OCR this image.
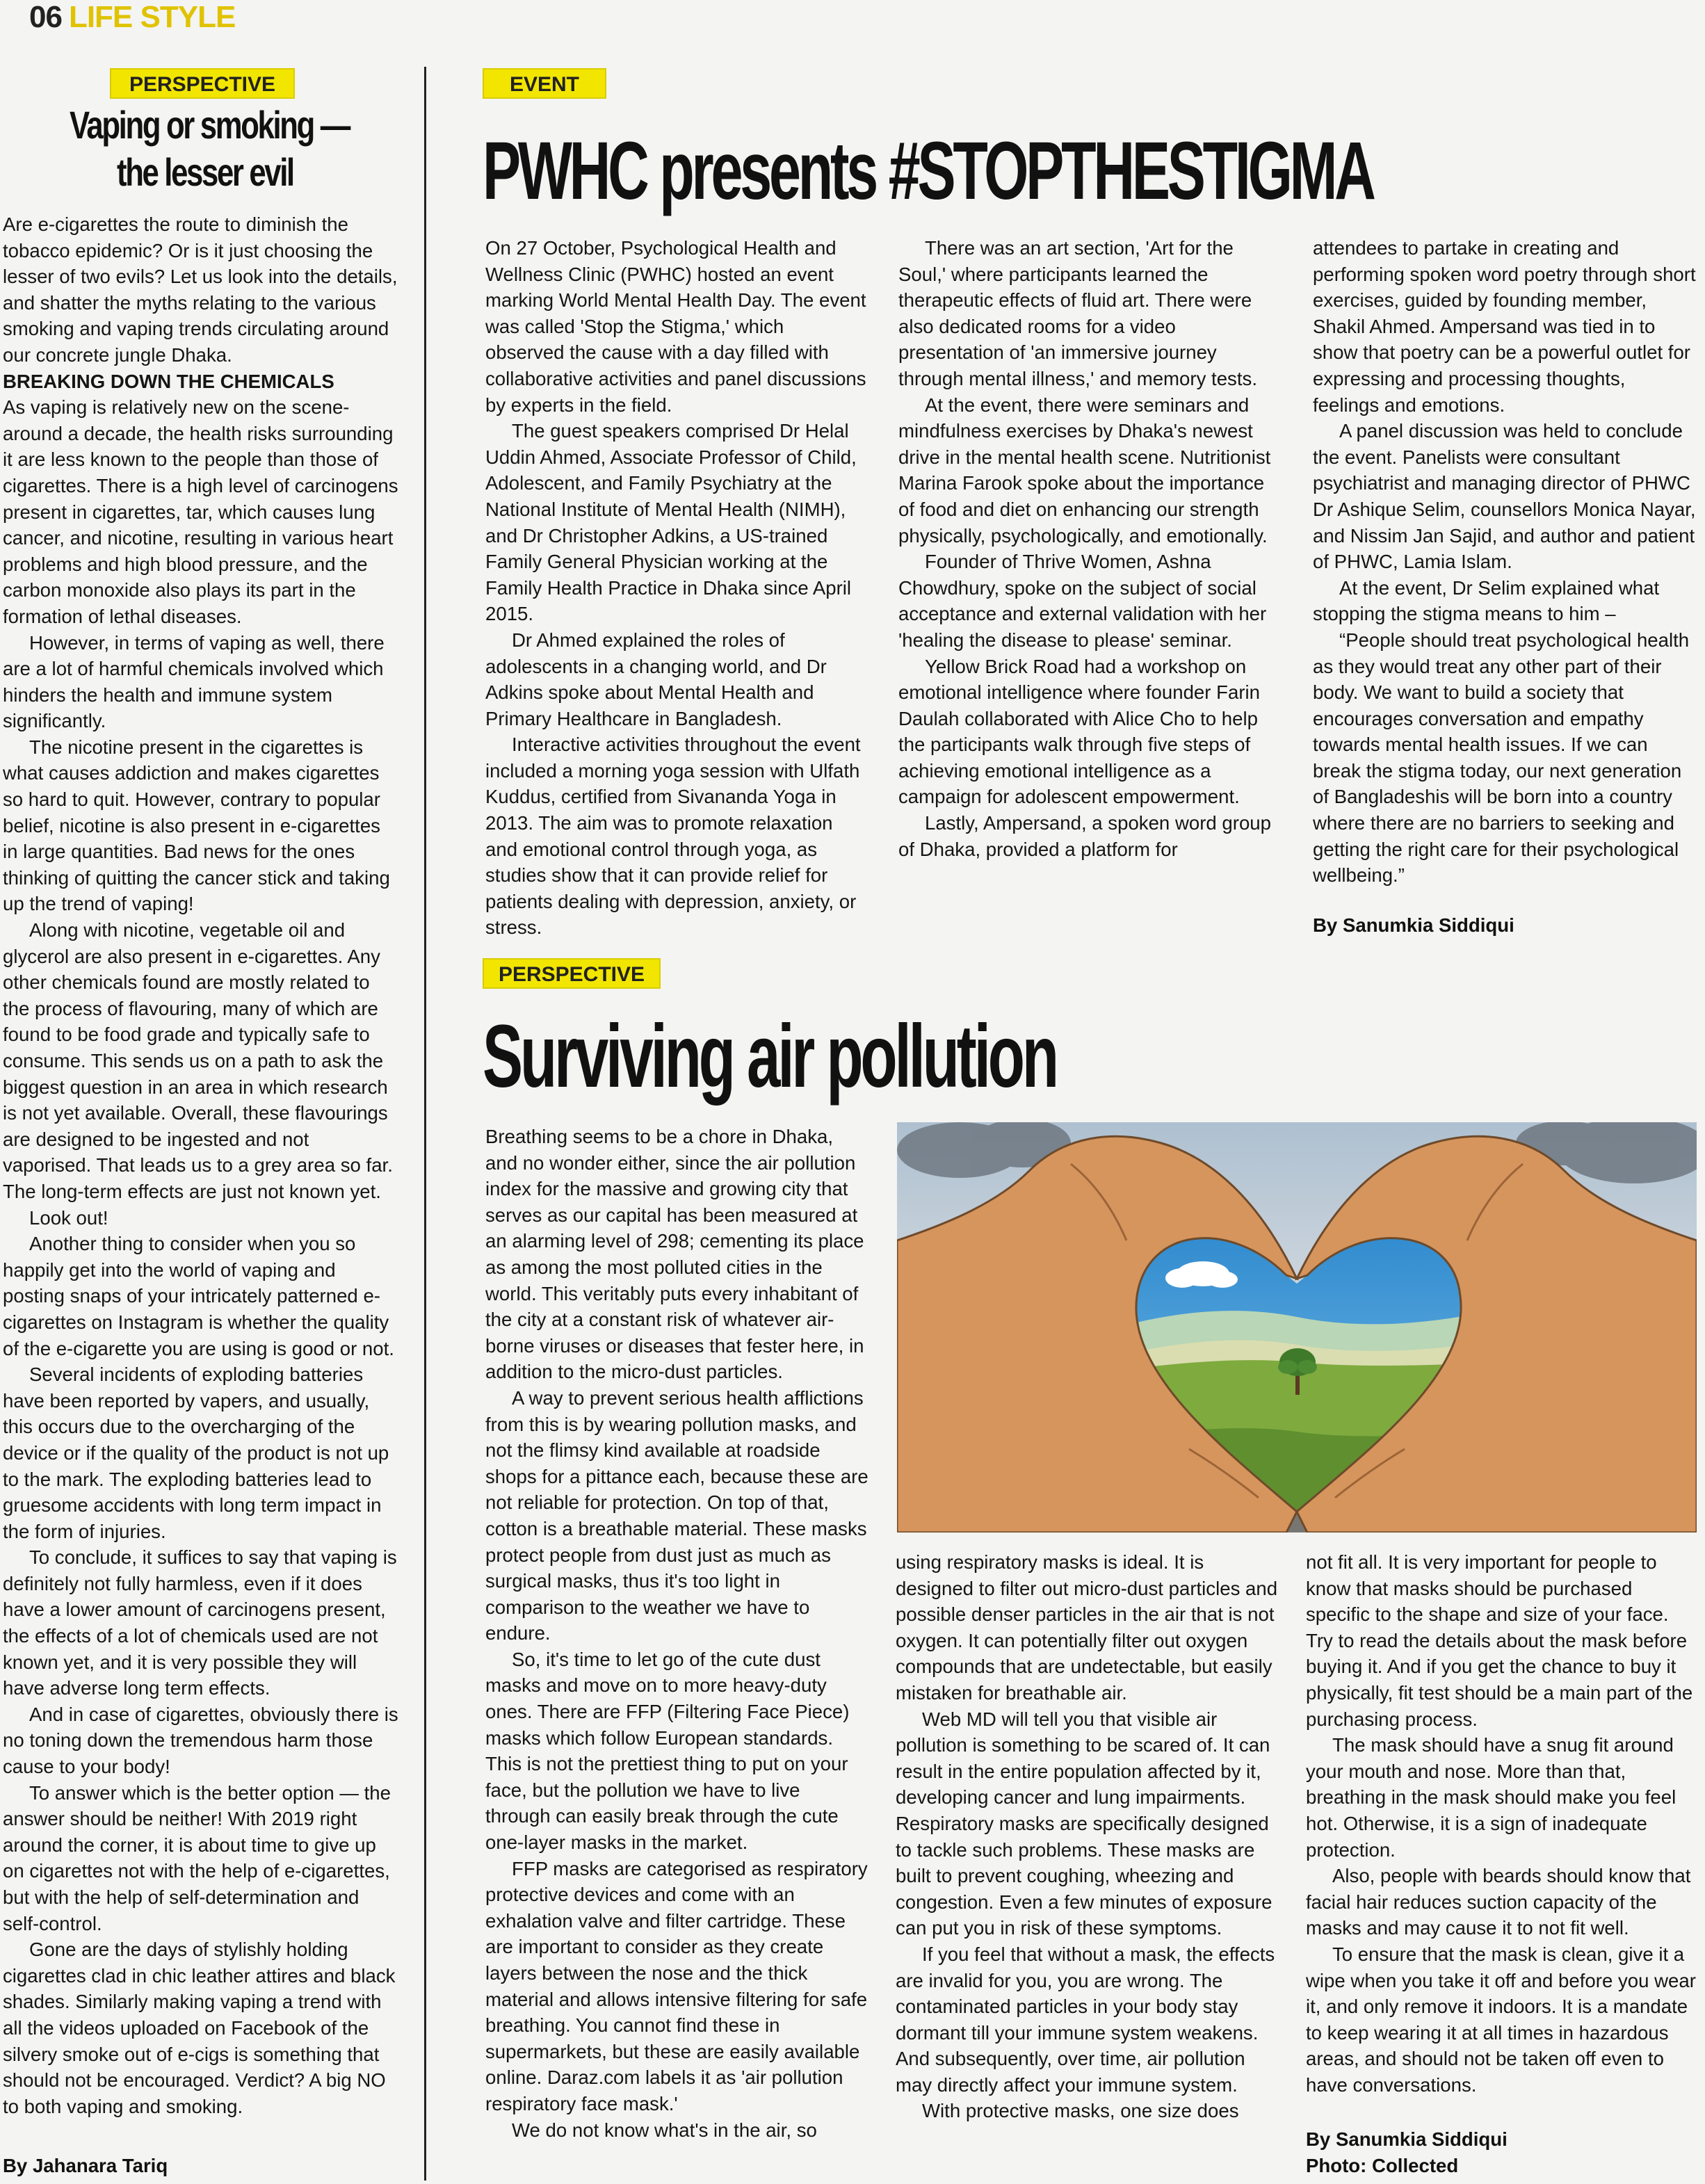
06 LIFE STYLE
PERSPECTIVE
Vaping or smoking —
the lesser evil

Are e-cigarettes the route to diminish the tobacco epidemic? Or is it just choosing the lesser of two evils? Let us look into the details, and shatter the myths relating to the various smoking and vaping trends circulating around our concrete jungle Dhaka.

BREAKING DOWN THE CHEMICALS

As vaping is relatively new on the scene-around a decade, the health risks surrounding it are less known to the people than those of cigarettes. There is a high level of carcinogens present in cigarettes, tar, which causes lung cancer, and nicotine, resulting in various heart problems and high blood pressure, and the carbon monoxide also plays its part in the formation of lethal diseases.

However, in terms of vaping as well, there are a lot of harmful chemicals involved which hinders the health and immune system significantly.

The nicotine present in the cigarettes is what causes addiction and makes cigarettes so hard to quit. However, contrary to popular belief, nicotine is also present in e-cigarettes in large quantities. Bad news for the ones thinking of quitting the cancer stick and taking up the trend of vaping!

Along with nicotine, vegetable oil and glycerol are also present in e-cigarettes. Any other chemicals found are mostly related to the process of flavouring, many of which are found to be food grade and typically safe to consume. This sends us on a path to ask the biggest question in an area in which research is not yet available. Overall, these flavourings are designed to be ingested and not vaporised. That leads us to a grey area so far. The long-term effects are just not known yet.

Look out!

Another thing to consider when you so happily get into the world of vaping and posting snaps of your intricately patterned e-cigarettes on Instagram is whether the quality of the e-cigarette you are using is good or not.

Several incidents of exploding batteries have been reported by vapers, and usually, this occurs due to the overcharging of the device or if the quality of the product is not up to the mark. The exploding batteries lead to gruesome accidents with long term impact in the form of injuries.

To conclude, it suffices to say that vaping is definitely not fully harmless, even if it does have a lower amount of carcinogens present, the effects of a lot of chemicals used are not known yet, and it is very possible they will have adverse long term effects.

And in case of cigarettes, obviously there is no toning down the tremendous harm those cause to your body!

To answer which is the better option — the answer should be neither! With 2019 right around the corner, it is about time to give up on cigarettes not with the help of e-cigarettes, but with the help of self-determination and self-control.

Gone are the days of stylishly holding cigarettes clad in chic leather attires and black shades. Similarly making vaping a trend with all the videos uploaded on Facebook of the silvery smoke out of e-cigs is something that should not be encouraged. Verdict? A big NO to both vaping and smoking.

By Jahanara Tariq
EVENT
PWHC presents #STOPTHESTIGMA

On 27 October, Psychological Health and Wellness Clinic (PWHC) hosted an event marking World Mental Health Day. The event was called 'Stop the Stigma,' which observed the cause with a day filled with collaborative activities and panel discussions by experts in the field.

The guest speakers comprised Dr Helal Uddin Ahmed, Associate Professor of Child, Adolescent, and Family Psychiatry at the National Institute of Mental Health (NIMH), and Dr Christopher Adkins, a US-trained Family General Physician working at the Family Health Practice in Dhaka since April 2015.

Dr Ahmed explained the roles of adolescents in a changing world, and Dr Adkins spoke about Mental Health and Primary Healthcare in Bangladesh.

Interactive activities throughout the event included a morning yoga session with Ulfath Kuddus, certified from Sivananda Yoga in 2013. The aim was to promote relaxation and emotional control through yoga, as studies show that it can provide relief for patients dealing with depression, anxiety, or stress.

There was an art section, 'Art for the Soul,' where participants learned the therapeutic effects of fluid art. There were also dedicated rooms for a video presentation of 'an immersive journey through mental illness,' and memory tests.

At the event, there were seminars and mindfulness exercises by Dhaka's newest drive in the mental health scene. Nutritionist Marina Farook spoke about the importance of food and diet on enhancing our strength physically, psychologically, and emotionally.

Founder of Thrive Women, Ashna Chowdhury, spoke on the subject of social acceptance and external validation with her 'healing the disease to please' seminar.

Yellow Brick Road had a workshop on emotional intelligence where founder Farin Daulah collaborated with Alice Cho to help the participants walk through five steps of achieving emotional intelligence as a campaign for adolescent empowerment.

Lastly, Ampersand, a spoken word group of Dhaka, provided a platform for

attendees to partake in creating and performing spoken word poetry through short exercises, guided by founding member, Shakil Ahmed. Ampersand was tied in to show that poetry can be a powerful outlet for expressing and processing thoughts, feelings and emotions.

A panel discussion was held to conclude the event. Panelists were consultant psychiatrist and managing director of PHWC Dr Ashique Selim, counsellors Monica Nayar, and Nissim Jan Sajid, and author and patient of PHWC, Lamia Islam.

At the event, Dr Selim explained what stopping the stigma means to him –

“People should treat psychological health as they would treat any other part of their body. We want to build a society that encourages conversation and empathy towards mental health issues. If we can break the stigma today, our next generation of Bangladeshis will be born into a country where there are no barriers to seeking and getting the right care for their psychological wellbeing.”

By Sanumkia Siddiqui
PERSPECTIVE
Surviving air pollution

Breathing seems to be a chore in Dhaka, and no wonder either, since the air pollution index for the massive and growing city that serves as our capital has been measured at an alarming level of 298; cementing its place as among the most polluted cities in the world. This veritably puts every inhabitant of the city at a constant risk of whatever air-borne viruses or diseases that fester here, in addition to the micro-dust particles.

A way to prevent serious health afflictions from this is by wearing pollution masks, and not the flimsy kind available at roadside shops for a pittance each, because these are not reliable for protection. On top of that, cotton is a breathable material. These masks protect people from dust just as much as surgical masks, thus it's too light in comparison to the weather we have to endure.

So, it's time to let go of the cute dust masks and move on to more heavy-duty ones. There are FFP (Filtering Face Piece) masks which follow European standards. This is not the prettiest thing to put on your face, but the pollution we have to live through can easily break through the cute one-layer masks in the market.

FFP masks are categorised as respiratory protective devices and come with an exhalation valve and filter cartridge. These are important to consider as they create layers between the nose and the thick material and allows intensive filtering for safe breathing. You cannot find these in supermarkets, but these are easily available online. Daraz.com labels it as 'air pollution respiratory face mask.'

We do not know what's in the air, so

using respiratory masks is ideal. It is designed to filter out micro-dust particles and possible denser particles in the air that is not oxygen. It can potentially filter out oxygen compounds that are undetectable, but easily mistaken for breathable air.

Web MD will tell you that visible air pollution is something to be scared of. It can result in the entire population affected by it, developing cancer and lung impairments. Respiratory masks are specifically designed to tackle such problems. These masks are built to prevent coughing, wheezing and congestion. Even a few minutes of exposure can put you in risk of these symptoms.

If you feel that without a mask, the effects are invalid for you, you are wrong. The contaminated particles in your body stay dormant till your immune system weakens. And subsequently, over time, air pollution may directly affect your immune system.

With protective masks, one size does

not fit all. It is very important for people to know that masks should be purchased specific to the shape and size of your face. Try to read the details about the mask before buying it. And if you get the chance to buy it physically, fit test should be a main part of the purchasing process.

The mask should have a snug fit around your mouth and nose. More than that, breathing in the mask should make you feel hot. Otherwise, it is a sign of inadequate protection.

Also, people with beards should know that facial hair reduces suction capacity of the masks and may cause it to not fit well.

To ensure that the mask is clean, give it a wipe when you take it off and before you wear it, and only remove it indoors. It is a mandate to keep wearing it at all times in hazardous areas, and should not be taken off even to have conversations.

By Sanumkia Siddiqui
Photo: Collected
